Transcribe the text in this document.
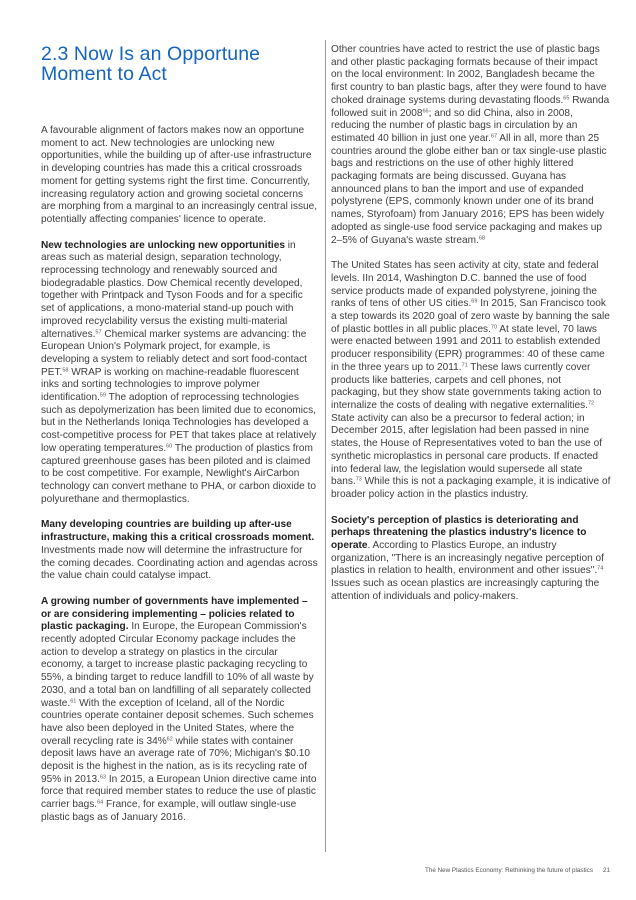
2.3 Now Is an Opportune Moment to Act

A favourable alignment of factors makes now an opportune moment to act. New technologies are unlocking new opportunities, while the building up of after-use infrastructure in developing countries has made this a critical crossroads moment for getting systems right the first time. Concurrently, increasing regulatory action and growing societal concerns are morphing from a marginal to an increasingly central issue, potentially affecting companies' licence to operate.

New technologies are unlocking new opportunities in areas such as material design, separation technology, reprocessing technology and renewably sourced and biodegradable plastics. Dow Chemical recently developed, together with Printpack and Tyson Foods and for a specific set of applications, a mono-material stand-up pouch with improved recyclability versus the existing multi-material alternatives.$^{57}$ Chemical marker systems are advancing: the European Union's Polymark project, for example, is developing a system to reliably detect and sort food-contact PET.$^{58}$ WRAP is working on machine-readable fluorescent inks and sorting technologies to improve polymer identification.$^{59}$ The adoption of reprocessing technologies such as depolymerization has been limited due to economics, but in the Netherlands Ioniqa Technologies has developed a cost-competitive process for PET that takes place at relatively low operating temperatures.$^{60}$ The production of plastics from captured greenhouse gases has been piloted and is claimed to be cost competitive. For example, Newlight's AirCarbon technology can convert methane to PHA, or carbon dioxide to polyurethane and thermoplastics.

Many developing countries are building up after-use infrastructure, making this a critical crossroads moment. Investments made now will determine the infrastructure for the coming decades. Coordinating action and agendas across the value chain could catalyse impact.

A growing number of governments have implemented – or are considering implementing – policies related to plastic packaging. In Europe, the European Commission's recently adopted Circular Economy package includes the action to develop a strategy on plastics in the circular economy, a target to increase plastic packaging recycling to 55%, a binding target to reduce landfill to 10% of all waste by 2030, and a total ban on landfilling of all separately collected waste.$^{61}$ With the exception of Iceland, all of the Nordic countries operate container deposit schemes. Such schemes have also been deployed in the United States, where the overall recycling rate is 34%$^{62}$ while states with container deposit laws have an average rate of 70%; Michigan's $0.10 deposit is the highest in the nation, as is its recycling rate of 95% in 2013.63 In 2015, a European Union directive came into force that required member states to reduce the use of plastic carrier bags.$^{64}$ France, for example, will outlaw single-use plastic bags as of January 2016.

Other countries have acted to restrict the use of plastic bags and other plastic packaging formats because of their impact on the local environment: In 2002, Bangladesh became the first country to ban plastic bags, after they were found to have choked drainage systems during devastating floods.$^{65}$ Rwanda followed suit in 2008$^{66}$; and so did China, also in 2008, reducing the number of plastic bags in circulation by an estimated 40 billion in just one year.$^{67}$ All in all, more than 25 countries around the globe either ban or tax single-use plastic bags and restrictions on the use of other highly littered packaging formats are being discussed. Guyana has announced plans to ban the import and use of expanded polystyrene (EPS, commonly known under one of its brand names, Styrofoam) from January 2016; EPS has been widely adopted as single-use food service packaging and makes up 2–5% of Guyana's waste stream.$^{68}$

The United States has seen activity at city, state and federal levels. IIn 2014, Washington D.C. banned the use of food service products made of expanded polystyrene, joining the ranks of tens of other US cities.$^{69}$ In 2015, San Francisco took a step towards its 2020 goal of zero waste by banning the sale of plastic bottles in all public places.$^{70}$ At state level, 70 laws were enacted between 1991 and 2011 to establish extended producer responsibility (EPR) programmes: 40 of these came in the three years up to 2011.71 These laws currently cover products like batteries, carpets and cell phones, not packaging, but they show state governments taking action to internalize the costs of dealing with negative externalities.$^{72}$ State activity can also be a precursor to federal action; in December 2015, after legislation had been passed in nine states, the House of Representatives voted to ban the use of synthetic microplastics in personal care products. If enacted into federal law, the legislation would supersede all state bans.$^{73}$ While this is not a packaging example, it is indicative of broader policy action in the plastics industry.

Society's perception of plastics is deteriorating and perhaps threatening the plastics industry's licence to operate. According to Plastics Europe, an industry organization, "There is an increasingly negative perception of plastics in relation to health, environment and other issues".$^{74}$ Issues such as ocean plastics are increasingly capturing the attention of individuals and policy-makers.

The New Plastics Economy: Rethinking the future of plastics 21
